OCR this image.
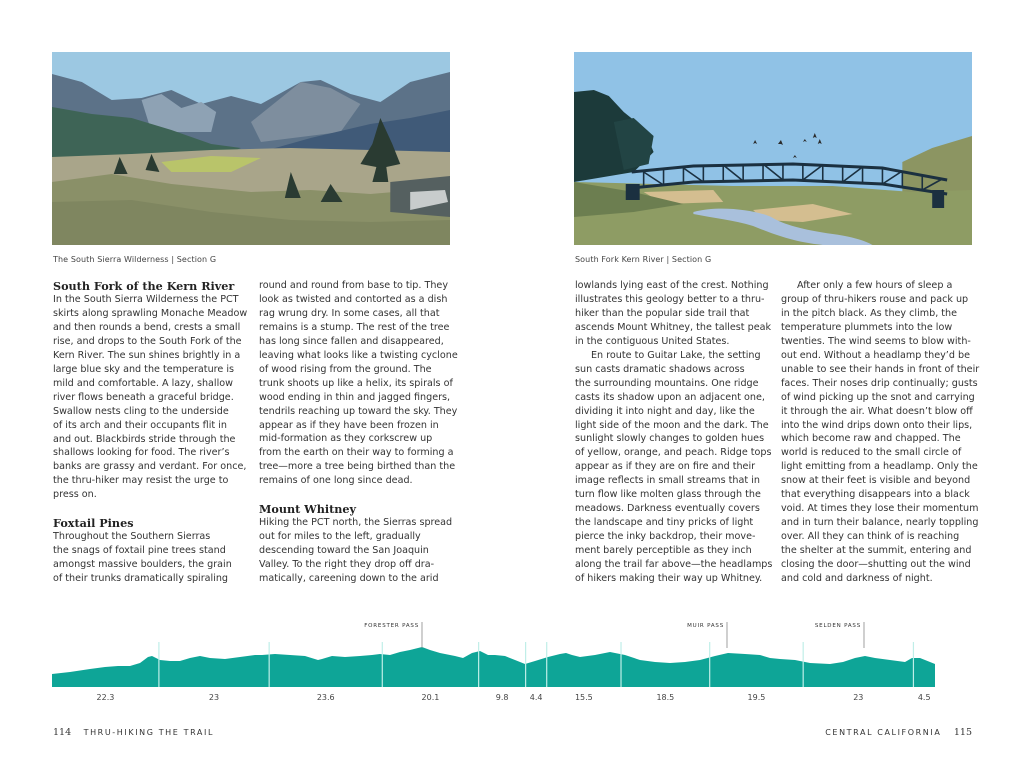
The South Sierra Wilderness | Section G
South Fork of the Kern River

In the South Sierra Wilderness the PCT
skirts along sprawling Monache Meadow
and then rounds a bend, crests a small
rise, and drops to the South Fork of the
Kern River. The sun shines brightly in a
large blue sky and the temperature is
mild and comfortable. A lazy, shallow
river flows beneath a graceful bridge.
Swallow nests cling to the underside
of its arch and their occupants flit in
and out. Blackbirds stride through the
shallows looking for food. The river’s
banks are grassy and verdant. For once,
the thru-hiker may resist the urge to
press on.

Foxtail Pines

Throughout the Southern Sierras
the snags of foxtail pine trees stand
amongst massive boulders, the grain
of their trunks dramatically spiraling

round and round from base to tip. They
look as twisted and contorted as a dish
rag wrung dry. In some cases, all that
remains is a stump. The rest of the tree
has long since fallen and disappeared,
leaving what looks like a twisting cyclone
of wood rising from the ground. The
trunk shoots up like a helix, its spirals of
wood ending in thin and jagged fingers,
tendrils reaching up toward the sky. They
appear as if they have been frozen in
mid-formation as they corkscrew up
from the earth on their way to forming a
tree—more a tree being birthed than the
remains of one long since dead.

Mount Whitney

Hiking the PCT north, the Sierras spread
out for miles to the left, gradually
descending toward the San Joaquin
Valley. To the right they drop off dra-
matically, careening down to the arid

114 THRU-HIKING THE TRAIL
South Fork Kern River | Section G

lowlands lying east of the crest. Nothing
illustrates this geology better to a thru-
hiker than the popular side trail that
ascends Mount Whitney, the tallest peak
in the contiguous United States.

En route to Guitar Lake, the setting
sun casts dramatic shadows across
the surrounding mountains. One ridge
casts its shadow upon an adjacent one,
dividing it into night and day, like the
light side of the moon and the dark. The
sunlight slowly changes to golden hues
of yellow, orange, and peach. Ridge tops
appear as if they are on fire and their
image reflects in small streams that in
turn flow like molten glass through the
meadows. Darkness eventually covers
the landscape and tiny pricks of light
pierce the inky backdrop, their move-
ment barely perceptible as they inch
along the trail far above—the headlamps
of hikers making their way up Whitney.

After only a few hours of sleep a
group of thru-hikers rouse and pack up
in the pitch black. As they climb, the
temperature plummets into the low
twenties. The wind seems to blow with-
out end. Without a headlamp they’d be
unable to see their hands in front of their
faces. Their noses drip continually; gusts
of wind picking up the snot and carrying
it through the air. What doesn’t blow off
into the wind drips down onto their lips,
which become raw and chapped. The
world is reduced to the small circle of
light emitting from a headlamp. Only the
snow at their feet is visible and beyond
that everything disappears into a black
void. At times they lose their momentum
and in turn their balance, nearly toppling
over. All they can think of is reaching
the shelter at the summit, entering and
closing the door—shutting out the wind
and cold and darkness of night.

CENTRAL CALIFORNIA 115
22.3	23	23.6	20.1	9.8	4.4	15.5	18.5	19.5	23	4.5
FORESTER PASS	MUIR PASS	SELDEN PASS
